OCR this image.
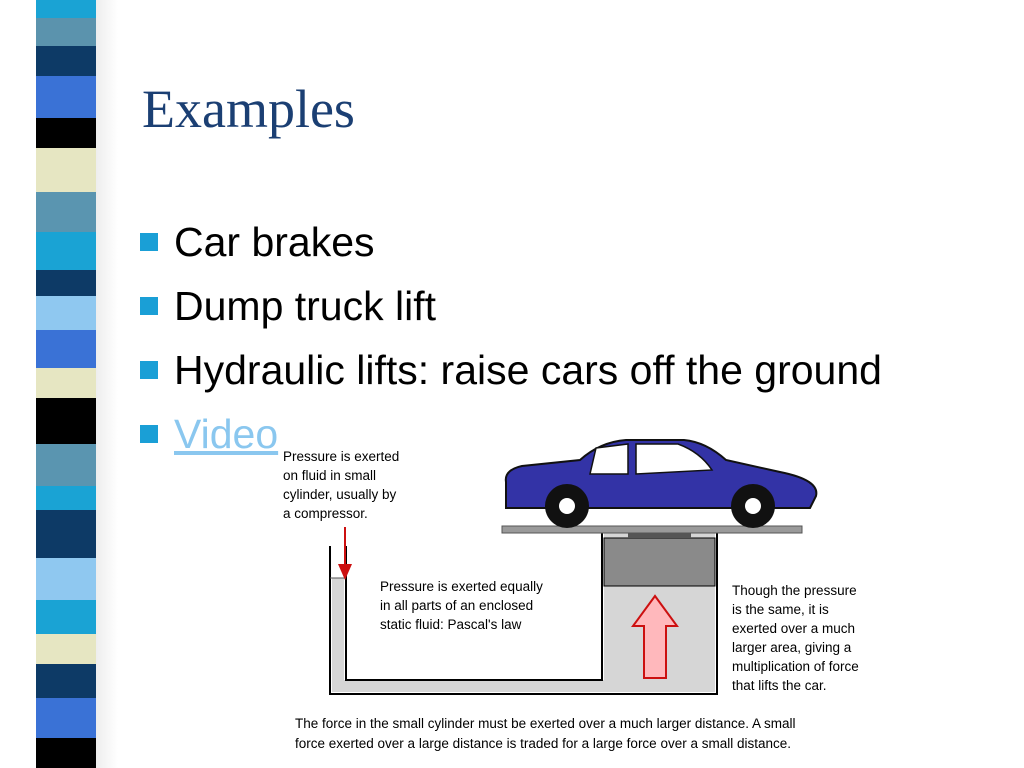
Examples
Car brakes
Dump truck lift
Hydraulic lifts: raise cars off the ground
Video Pressure is exerted on fluid in small cylinder, usually by a compressor.
Pressure is exerted equally in all parts of an enclosed static fluid: Pascal's law
Though the pressure is the same, it is exerted over a much larger area, giving a multiplication of force that lifts the car.
The force in the small cylinder must be exerted over a much larger distance. A small force exerted over a large distance is traded for a large force over a small distance.
